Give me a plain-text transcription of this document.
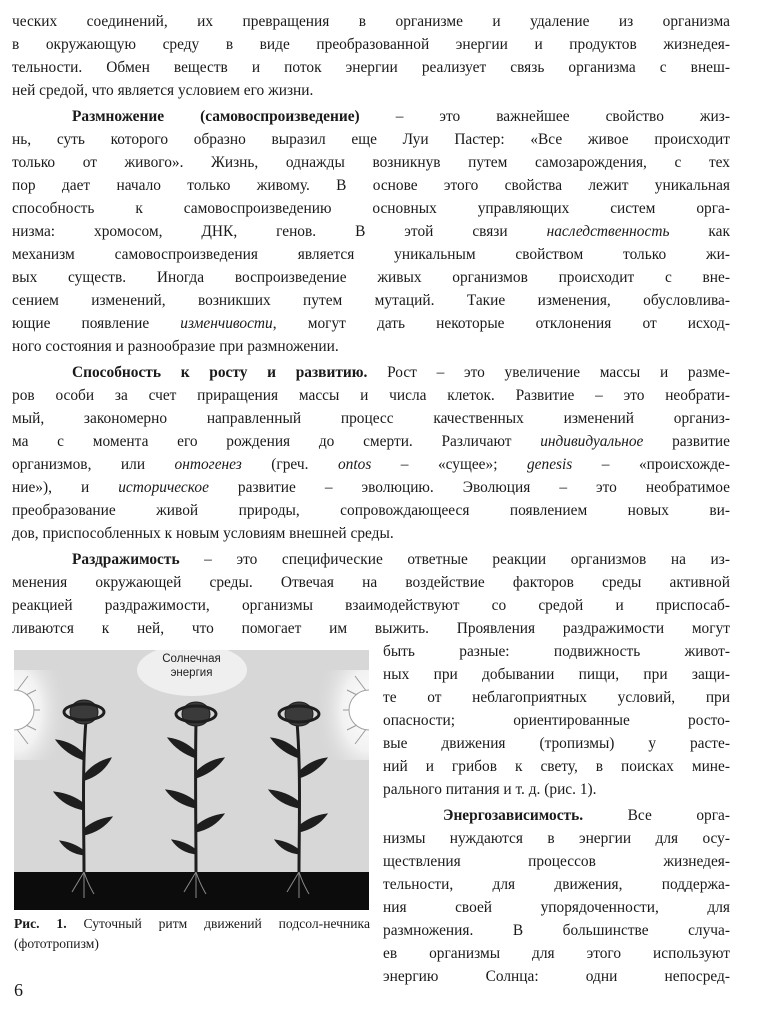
ческих соединений, их превращения в организме и удаление из организма
в окружающую среду в виде преобразованной энергии и продуктов жизнедея-
тельности. Обмен веществ и поток энергии реализует связь организма с внеш-
ней средой, что является условием его жизни.
Размножение (самовоспроизведение) – это важнейшее свойство жиз-
нь, суть которого образно выразил еще Луи Пастер: «Все живое происходит
только от живого». Жизнь, однажды возникнув путем самозарождения, с тех
пор дает начало только живому. В основе этого свойства лежит уникальная
способность к самовоспроизведению основных управляющих систем орга-
низма: хромосом, ДНК, генов. В этой связи наследственность как
механизм самовоспроизведения является уникальным свойством только жи-
вых существ. Иногда воспроизведение живых организмов происходит с вне-
сением изменений, возникших путем мутаций. Такие изменения, обусловлива-
ющие появление изменчивости, могут дать некоторые отклонения от исход-
ного состояния и разнообразие при размножении.
Способность к росту и развитию. Рост – это увеличение массы и разме-
ров особи за счет приращения массы и числа клеток. Развитие – это необрати-
мый, закономерно направленный процесс качественных изменений организ-
ма с момента его рождения до смерти. Различают индивидуальное развитие
организмов, или онтогенез (греч. ontos – «сущее»; genesis – «происхожде-
ние»), и историческое развитие – эволюцию. Эволюция – это необратимое
преобразование живой природы, сопровождающееся появлением новых ви-
дов, приспособленных к новым условиям внешней среды.
Раздражимость – это специфические ответные реакции организмов на из-
менения окружающей среды. Отвечая на воздействие факторов среды активной
реакцией раздражимости, организмы взаимодействуют со средой и приспосаб-
ливаются к ней, что помогает им выжить. Проявления раздражимости могут
быть разные: подвижность живот-
ных при добывании пищи, при защи-
те от неблагоприятных условий, при
опасности; ориентированные росто-
вые движения (тропизмы) у расте-
ний и грибов к свету, в поисках мине-
рального питания и т. д. (рис. 1).
Энергозависимость. Все орга-
низмы нуждаются в энергии для осу-
ществления процессов жизнедея-
тельности, для движения, поддержа-
ния своей упорядоченности, для
размножения. В большинстве случа-
ев организмы для этого используют
энергию Солнца: одни непосред-
Солнечная
энергия
Рис. 1. Суточный ритм движений подсол-нечника (фототропизм)
6
